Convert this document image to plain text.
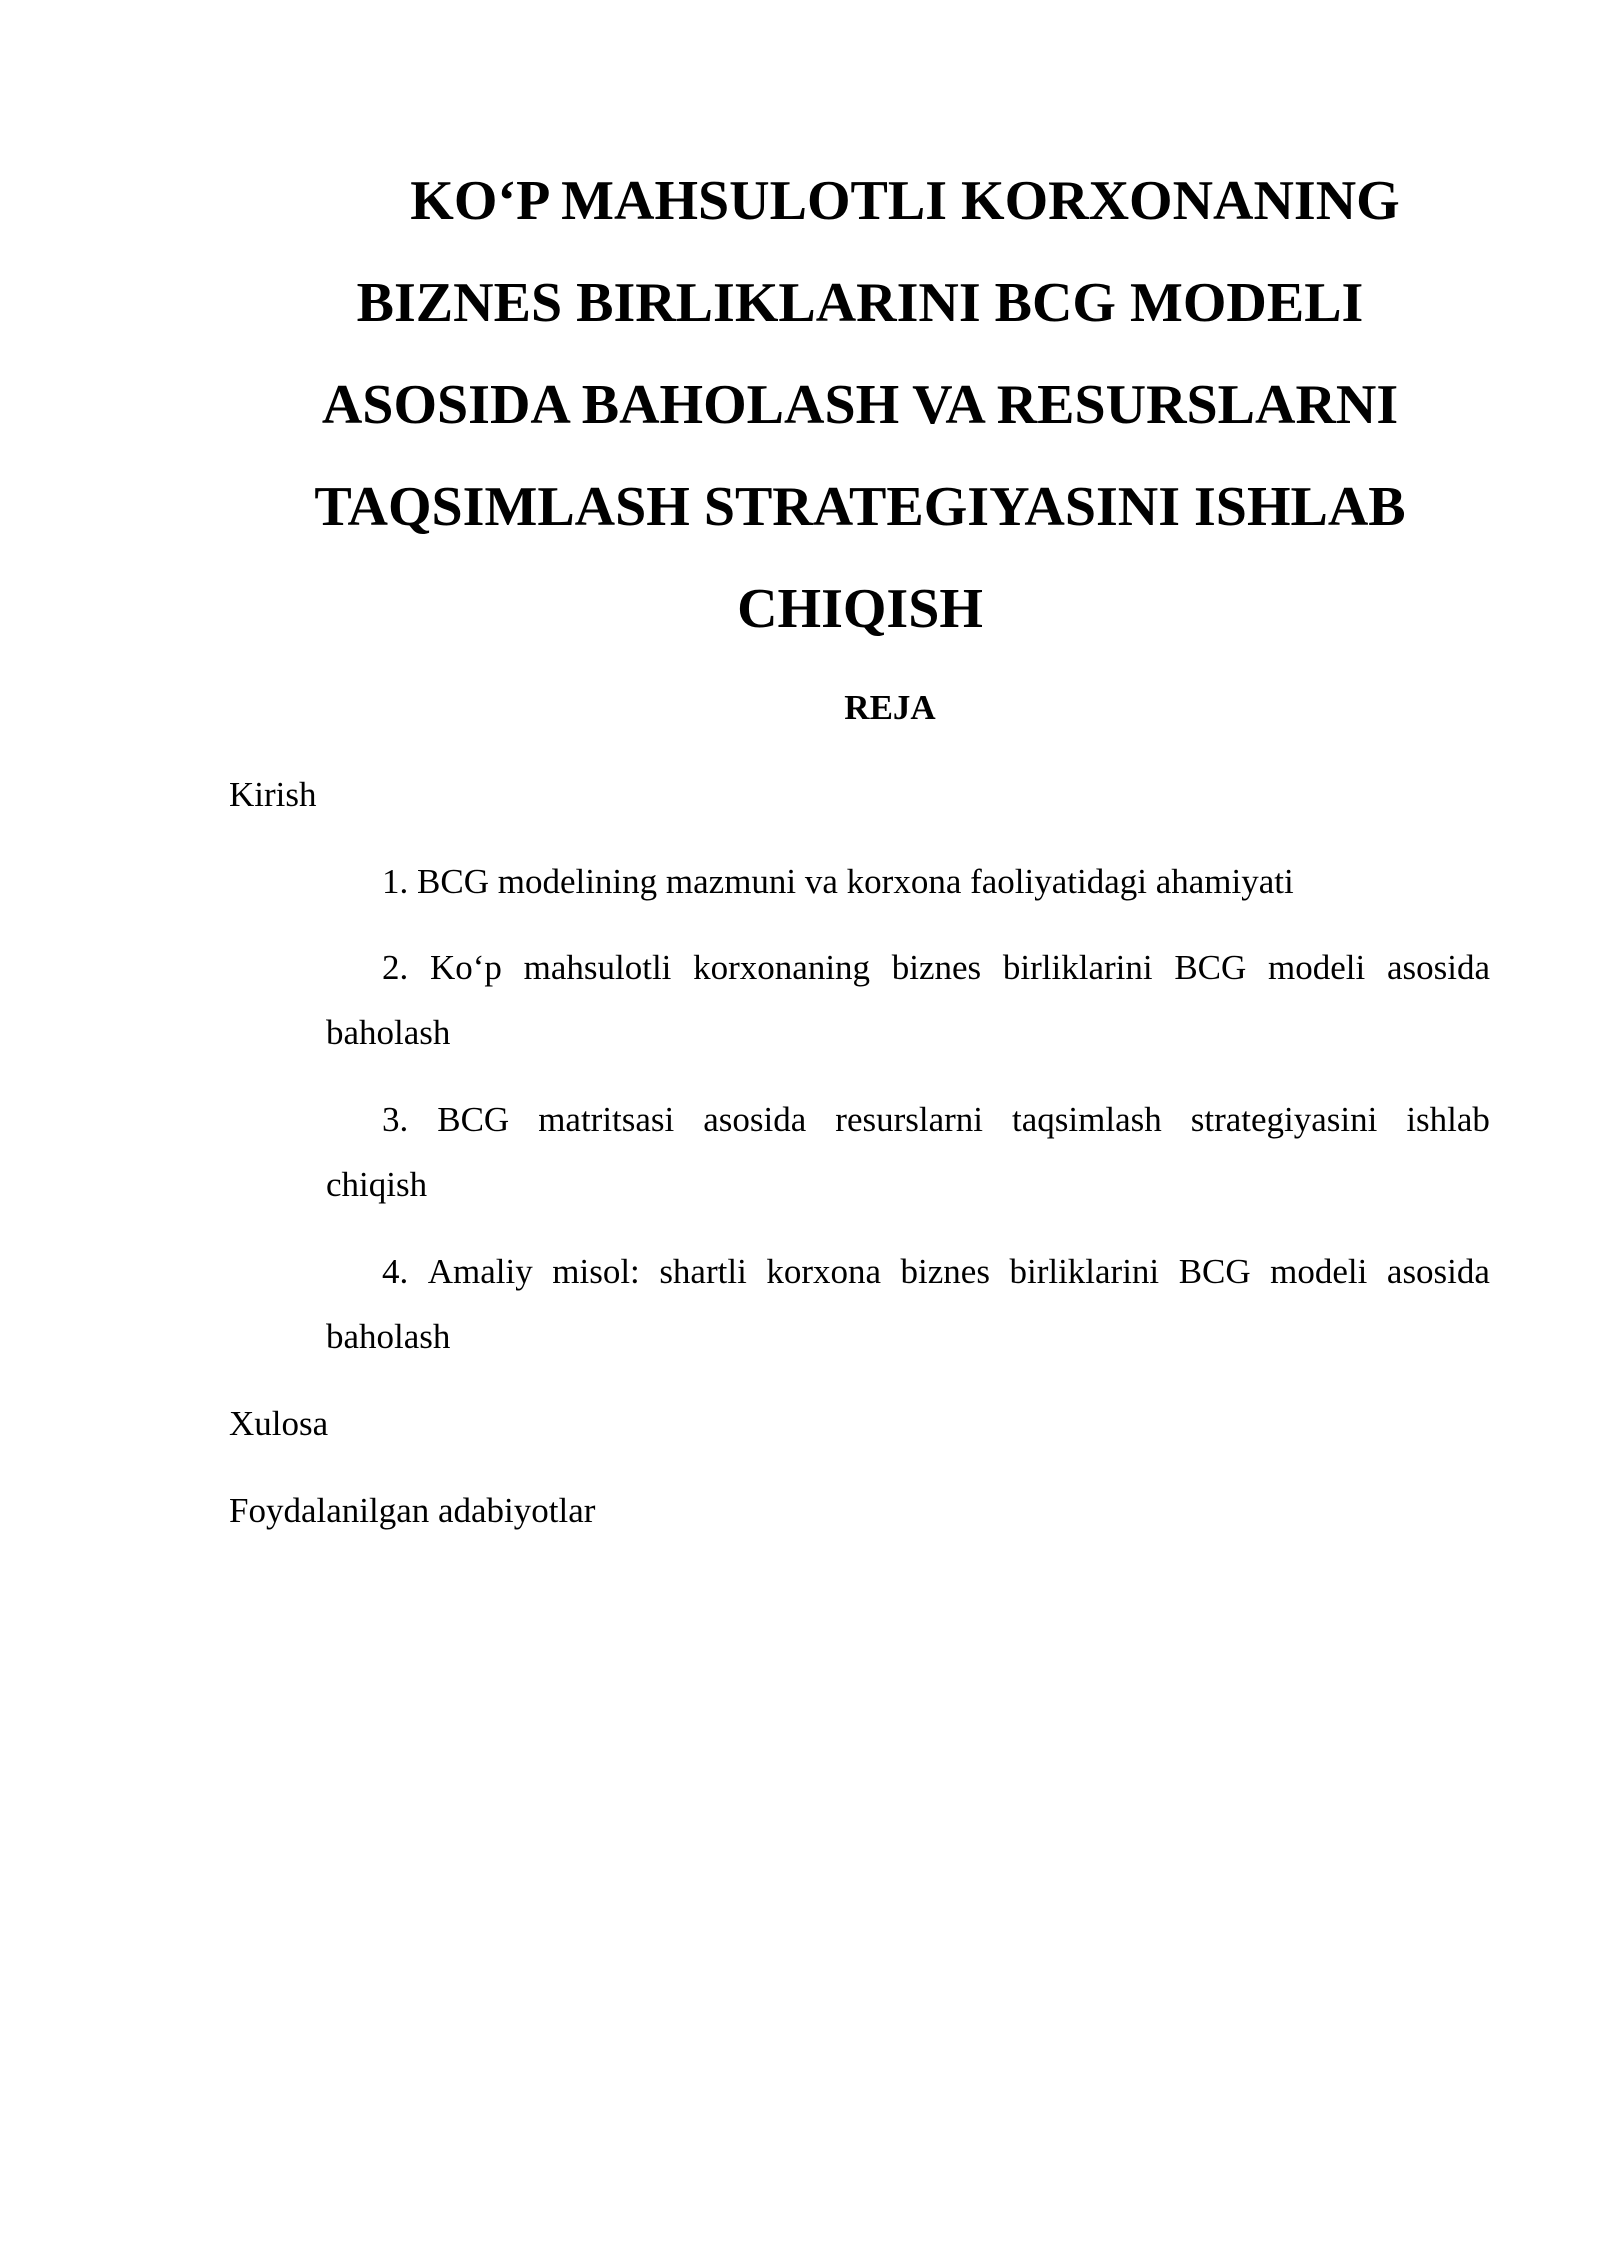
KO‘P MAHSULOTLI KORXONANING
BIZNES BIRLIKLARINI BCG MODELI
ASOSIDA BAHOLASH VA RESURSLARNI
TAQSIMLASH STRATEGIYASINI ISHLAB
CHIQISH
REJA

Kirish

1. BCG modelining mazmuni va korxona faoliyatidagi ahamiyati

2. Ko‘p mahsulotli korxonaning biznes birliklarini BCG modeli asosida

baholash

3. BCG matritsasi asosida resurslarni taqsimlash strategiyasini ishlab

chiqish

4. Amaliy misol: shartli korxona biznes birliklarini BCG modeli asosida

baholash

Xulosa

Foydalanilgan adabiyotlar
